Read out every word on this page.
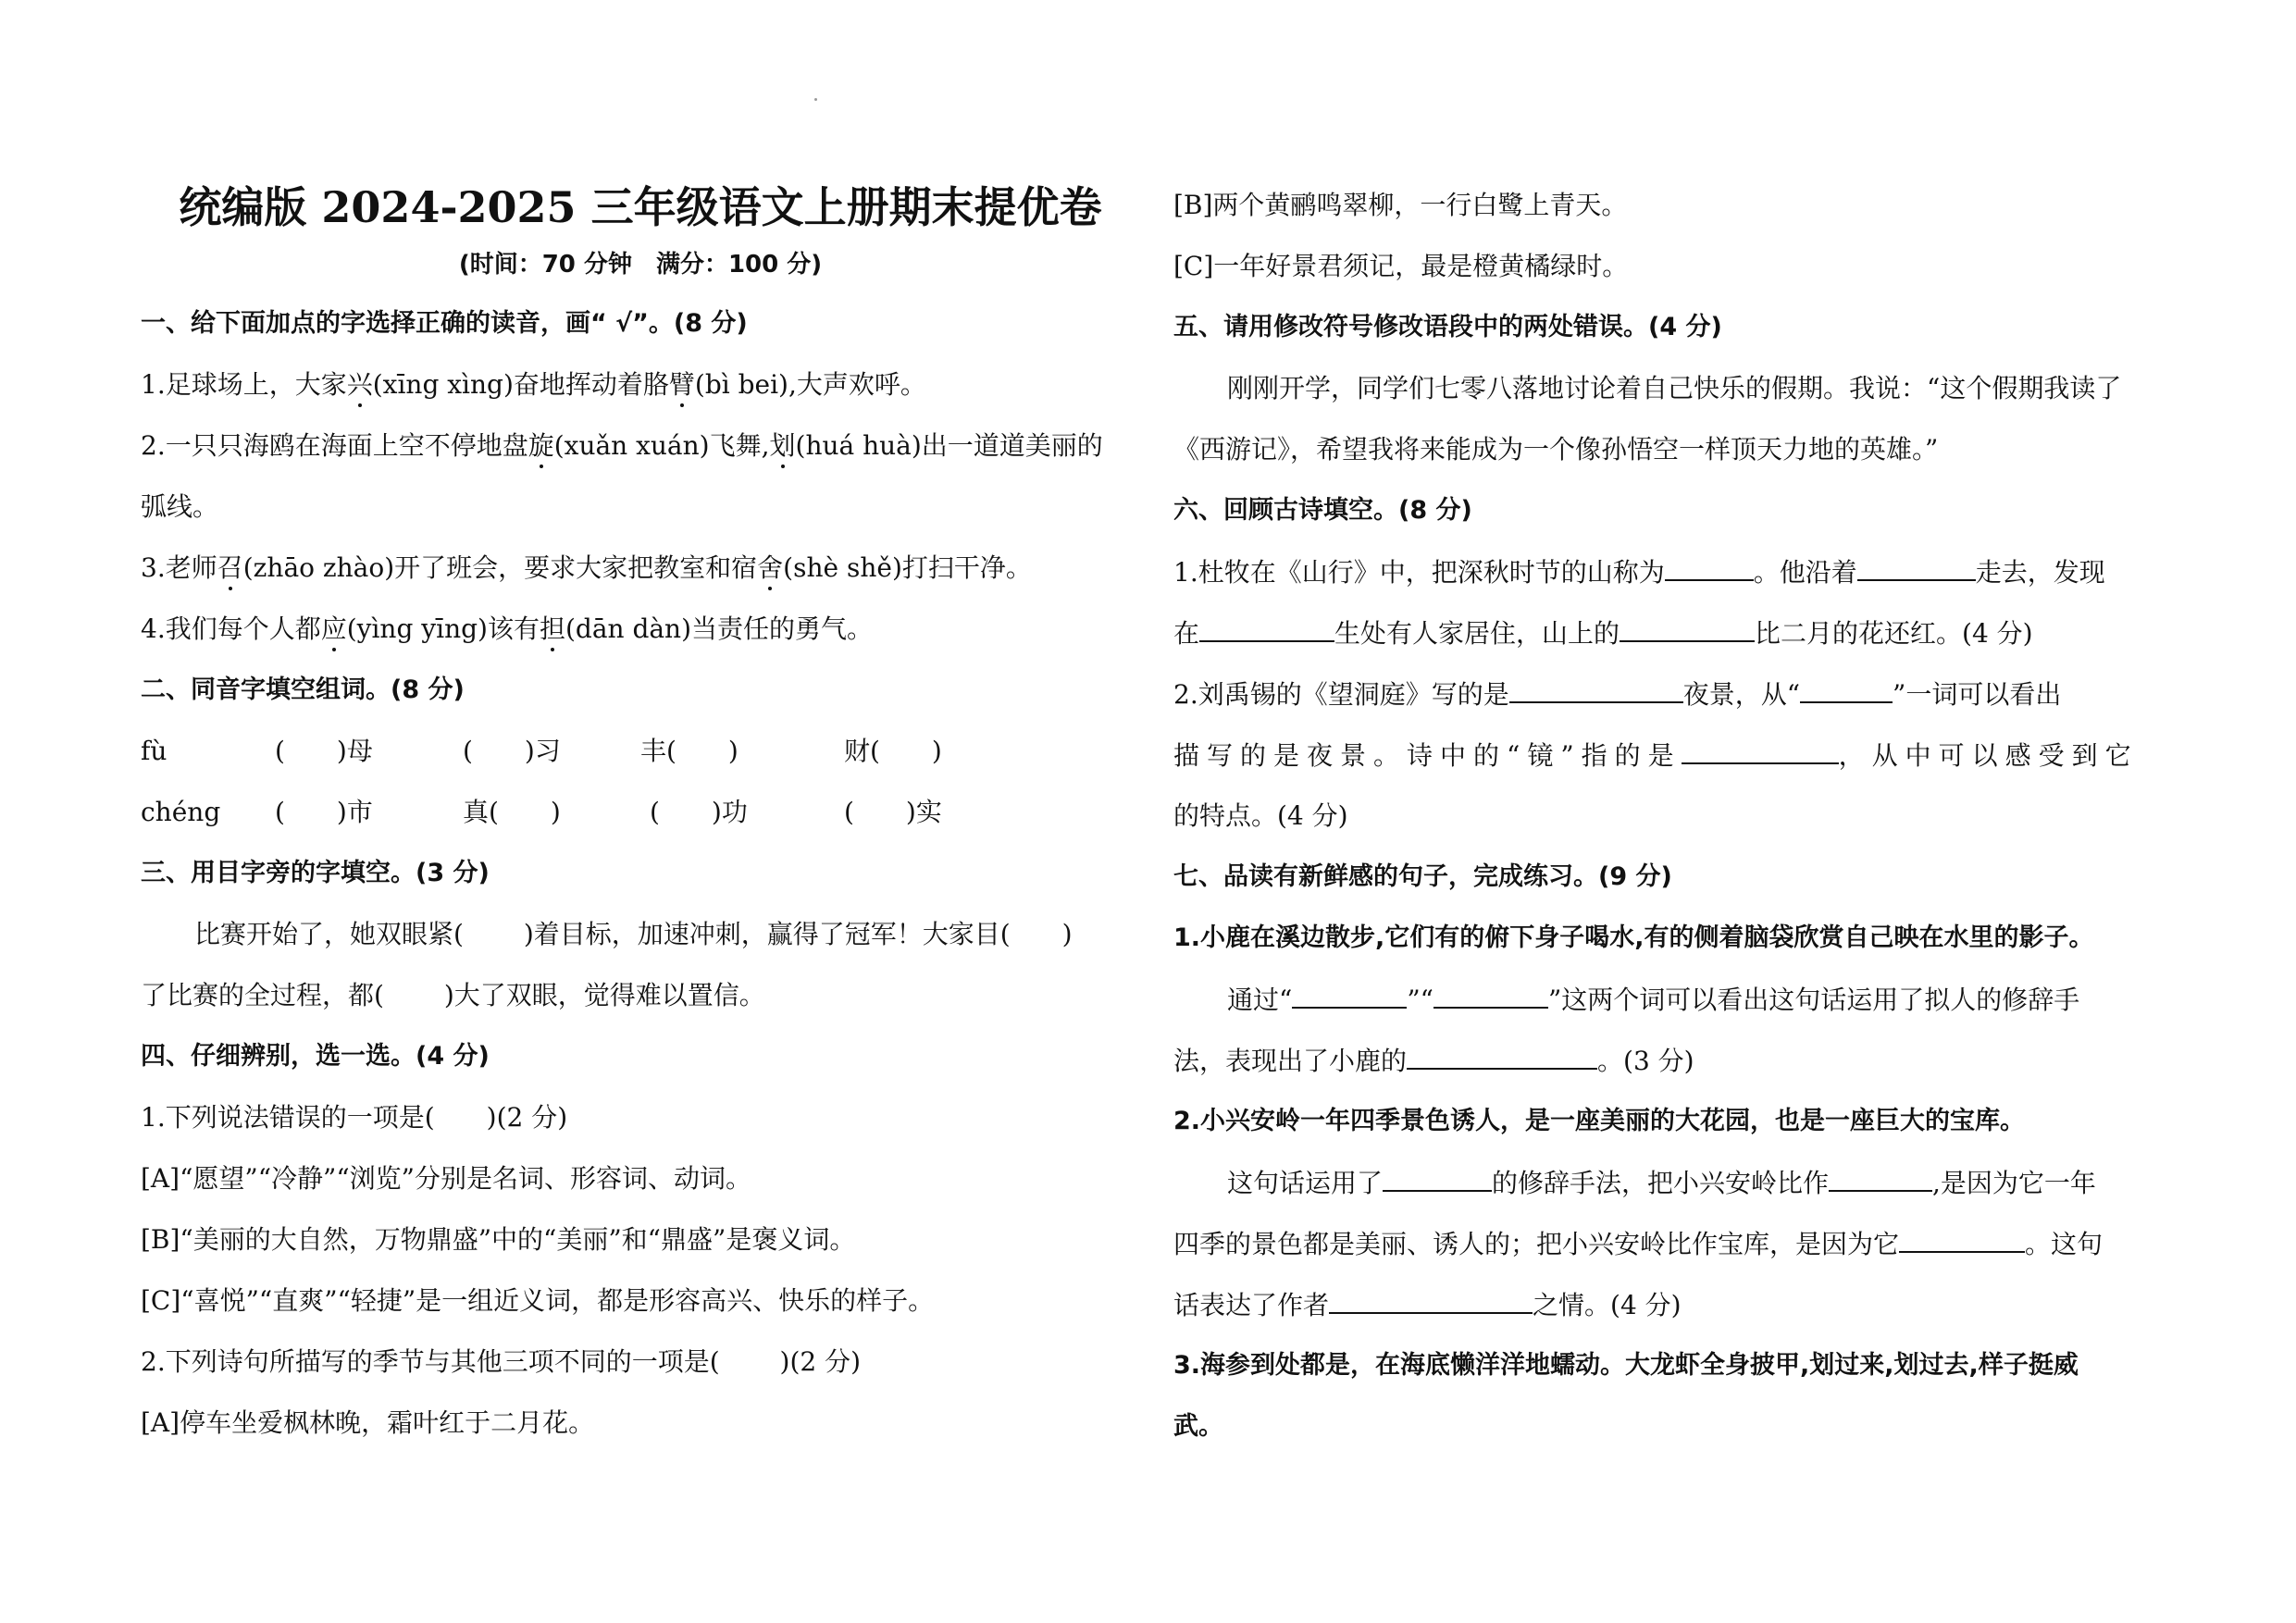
统编版 2024-2025 三年级语文上册期末提优卷
(时间：70 分钟　满分：100 分)
一、给下面加点的字选择正确的读音，画“ √”。(8 分)
1.足球场上，大家兴(xīng xìng)奋地挥动着胳臂(bì bei),大声欢呼。
2.一只只海鸥在海面上空不停地盘旋(xuǎn xuán)飞舞,划(huá huà)出一道道美丽的
弧线。
3.老师召(zhāo zhào)开了班会，要求大家把教室和宿舍(shè shě)打扫干净。
4.我们每个人都应(yìng yīng)该有担(dān dàn)当责任的勇气。
二、同音字填空组词。(8 分)
fù	(　　)母	(　　)习	丰(　　)	财(　　)
chéng (　　)市	真(　　)	(　　)功	(　　)实
三、用目字旁的字填空。(3 分)
比赛开始了，她双眼紧(　　 )着目标，加速冲刺，赢得了冠军！大家目(　　)
了比赛的全过程，都(　　 )大了双眼，觉得难以置信。
四、仔细辨别，选一选。(4 分)
1.下列说法错误的一项是(　　)(2 分)
[A]“愿望”“冷静”“浏览”分别是名词、形容词、动词。
[B]“美丽的大自然，万物鼎盛”中的“美丽”和“鼎盛”是褒义词。
[C]“喜悦”“直爽”“轻捷”是一组近义词，都是形容高兴、快乐的样子。
2.下列诗句所描写的季节与其他三项不同的一项是(　　 )(2 分)
[A]停车坐爱枫林晚，霜叶红于二月花。
[B]两个黄鹂鸣翠柳，一行白鹭上青天。
[C]一年好景君须记，最是橙黄橘绿时。
五、请用修改符号修改语段中的两处错误。(4 分)
刚刚开学，同学们七零八落地讨论着自己快乐的假期。我说：“这个假期我读了
《西游记》，希望我将来能成为一个像孙悟空一样顶天力地的英雄。”
六、回顾古诗填空。(8 分)
1.杜牧在《山行》中，把深秋时节的山称为	。他沿着	走去，发现
在	生处有人家居住，山上的	比二月的花还红。(4 分)
2.刘禹锡的《望洞庭》写的是	夜景，从“	”一词可以看出
描写的是夜景。诗中的“镜”指的是	，从中可以感受到它
的特点。(4 分)
七、品读有新鲜感的句子，完成练习。(9 分)
1.小鹿在溪边散步,它们有的俯下身子喝水,有的侧着脑袋欣赏自己映在水里的影子。
通过“	”“	”这两个词可以看出这句话运用了拟人的修辞手
法，表现出了小鹿的	。(3 分)
2.小兴安岭一年四季景色诱人，是一座美丽的大花园，也是一座巨大的宝库。
这句话运用了	的修辞手法，把小兴安岭比作	,是因为它一年
四季的景色都是美丽、诱人的；把小兴安岭比作宝库，是因为它	。这句
话表达了作者	之情。(4 分)
3.海参到处都是，在海底懒洋洋地蠕动。大龙虾全身披甲,划过来,划过去,样子挺威
武。
